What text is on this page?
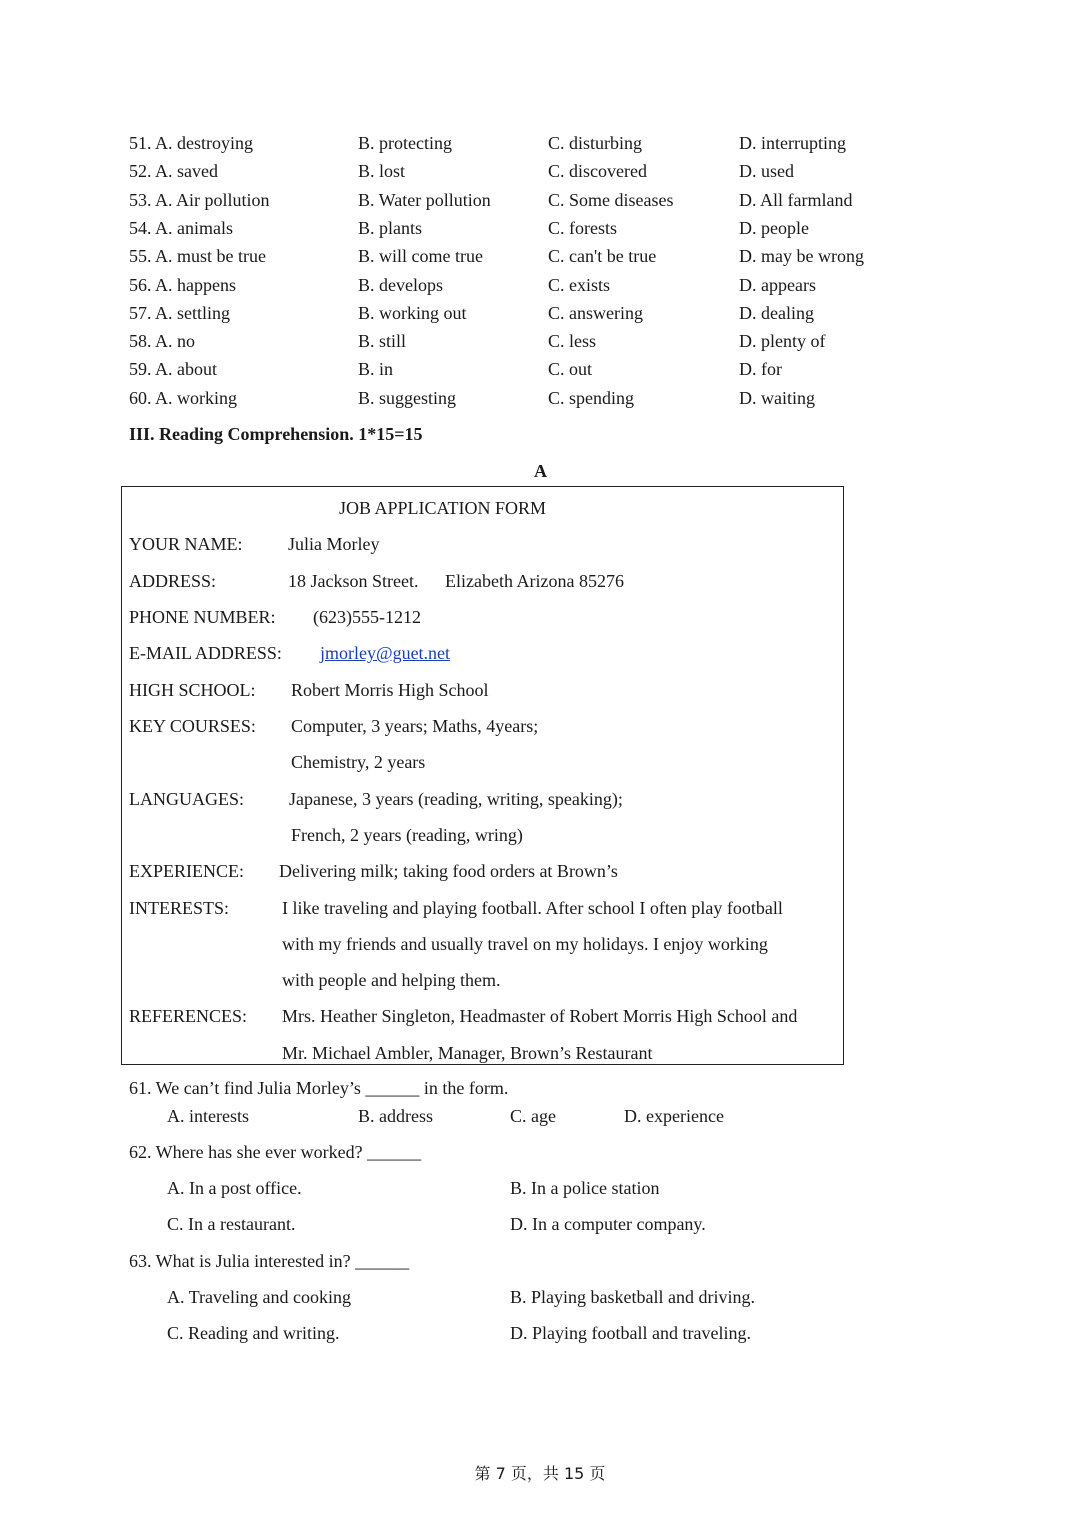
51. A. destroying	B. protecting	C. disturbing	D. interrupting
52. A. saved	B. lost	C. discovered	D. used
53. A. Air pollution	B. Water pollution	C. Some diseases	D. All farmland
54. A. animals	B. plants	C. forests	D. people
55. A. must be true	B. will come true	C. can't be true	D. may be wrong
56. A. happens	B. develops	C. exists	D. appears
57. A. settling	B. working out	C. answering	D. dealing
58. A. no	B. still	C. less	D. plenty of
59. A. about	B. in	C. out	D. for
60. A. working	B. suggesting	C. spending	D. waiting
III. Reading Comprehension. 1*15=15
A
JOB APPLICATION FORM
YOUR NAME:	Julia Morley
ADDRESS:	18 Jackson Street. Elizabeth Arizona 85276
PHONE NUMBER: (623)555-1212
E-MAIL ADDRESS: jmorley@guet.net
HIGH SCHOOL: Robert Morris High School
KEY COURSES: Computer, 3 years; Maths, 4years;
Chemistry, 2 years
LANGUAGES:	Japanese, 3 years (reading, writing, speaking);
French, 2 years (reading, wring)
EXPERIENCE: Delivering milk; taking food orders at Brown’s
INTERESTS:	I like traveling and playing football. After school I often play football
with my friends and usually travel on my holidays. I enjoy working
with people and helping them.
REFERENCES: Mrs. Heather Singleton, Headmaster of Robert Morris High School and
Mr. Michael Ambler, Manager, Brown’s Restaurant
61. We can’t find Julia Morley’s ______ in the form.
A. interests	B. address	C. age	D. experience
62. Where has she ever worked? ______
A. In a post office.	B. In a police station
C. In a restaurant.	D. In a computer company.
63. What is Julia interested in? ______
A. Traveling and cooking	B. Playing basketball and driving.
C. Reading and writing.	D. Playing football and traveling.
第 7 页，共 15 页
